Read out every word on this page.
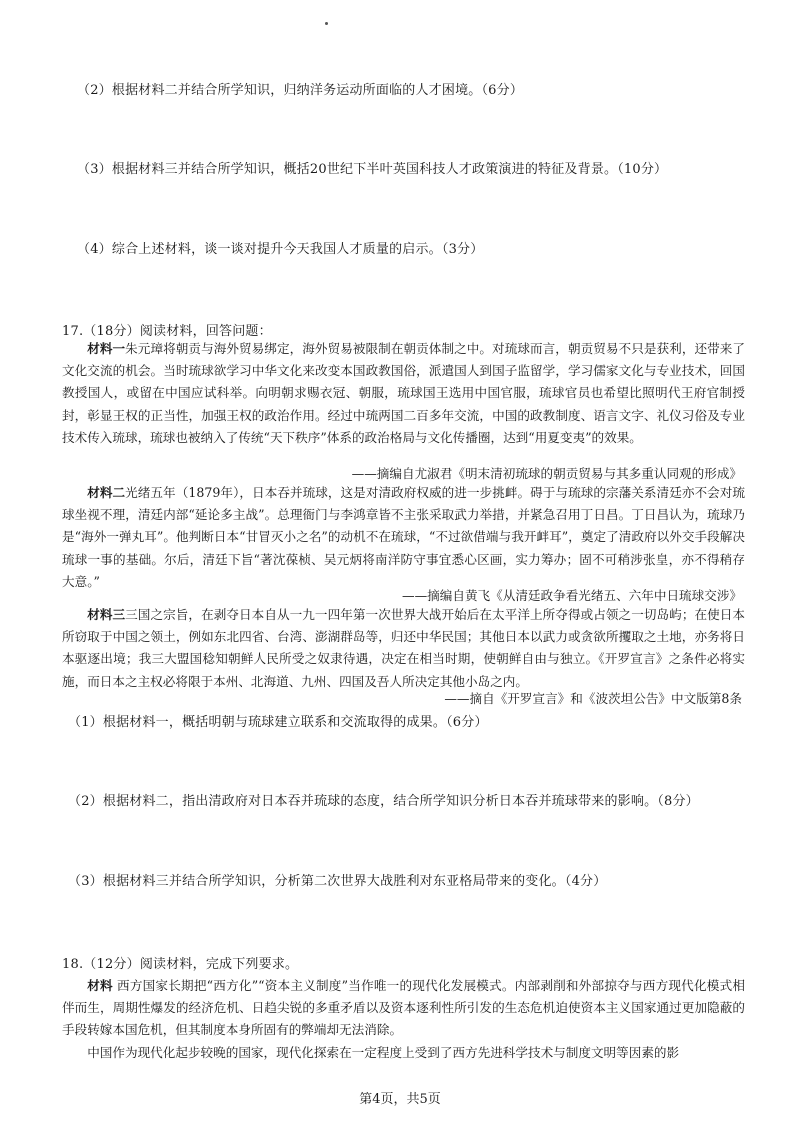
（2）根据材料二并结合所学知识，归纳洋务运动所面临的人才困境。（6分）
（3）根据材料三并结合所学知识，概括20世纪下半叶英国科技人才政策演进的特征及背景。（10分）
（4）综合上述材料，谈一谈对提升今天我国人才质量的启示。（3分）
17.（18分）阅读材料，回答问题：
材料一朱元璋将朝贡与海外贸易绑定，海外贸易被限制在朝贡体制之中。对琉球而言，朝贡贸易不只是获利，还带来了文化交流的机会。当时琉球欲学习中华文化来改变本国政教国俗，派遣国人到国子监留学，学习儒家文化与专业技术，回国教授国人，或留在中国应试科举。向明朝求赐衣冠、朝服，琉球国王选用中国官服，琉球官员也希望比照明代王府官制授封，彰显王权的正当性，加强王权的政治作用。经过中琉两国二百多年交流，中国的政教制度、语言文字、礼仪习俗及专业技术传入琉球，琉球也被纳入了传统“天下秩序”体系的政治格局与文化传播圈，达到“用夏变夷”的效果。
——摘编自尤淑君《明末清初琉球的朝贡贸易与其多重认同观的形成》
材料二光绪五年（1879年），日本吞并琉球，这是对清政府权威的进一步挑衅。碍于与琉球的宗藩关系清廷亦不会对琉球坐视不理，清廷内部“延论多主战”。总理衙门与李鸿章皆不主张采取武力举措，并紧急召用丁日昌。丁日昌认为，琉球乃是“海外一弹丸耳”。他判断日本“甘冒灭小之名”的动机不在琉球，“不过欲借端与我开衅耳”，奠定了清政府以外交手段解决琉球一事的基础。尔后，清廷下旨“著沈葆桢、吴元炳将南洋防守事宜悉心区画，实力筹办；固不可稍涉张皇，亦不得稍存大意。”
——摘编自黄飞《从清廷政争看光绪五、六年中日琉球交涉》
材料三三国之宗旨，在剥夺日本自从一九一四年第一次世界大战开始后在太平洋上所夺得或占领之一切岛屿；在使日本所窃取于中国之领土，例如东北四省、台湾、澎湖群岛等，归还中华民国；其他日本以武力或贪欲所攫取之土地，亦务将日本驱逐出境；我三大盟国稔知朝鲜人民所受之奴隶待遇，决定在相当时期，使朝鲜自由与独立。《开罗宣言》之条件必将实施，而日本之主权必将限于本州、北海道、九州、四国及吾人所决定其他小岛之内。
——摘自《开罗宣言》和《波茨坦公告》中文版第8条
（1）根据材料一，概括明朝与琉球建立联系和交流取得的成果。（6分）
（2）根据材料二，指出清政府对日本吞并琉球的态度，结合所学知识分析日本吞并琉球带来的影响。（8分）
（3）根据材料三并结合所学知识，分析第二次世界大战胜利对东亚格局带来的变化。（4分）
18.（12分）阅读材料，完成下列要求。
材料 西方国家长期把“西方化”“资本主义制度”当作唯一的现代化发展模式。内部剥削和外部掠夺与西方现代化模式相伴而生，周期性爆发的经济危机、日趋尖锐的多重矛盾以及资本逐利性所引发的生态危机迫使资本主义国家通过更加隐蔽的手段转嫁本国危机，但其制度本身所固有的弊端却无法消除。
中国作为现代化起步较晚的国家，现代化探索在一定程度上受到了西方先进科学技术与制度文明等因素的影
第4页，共5页
